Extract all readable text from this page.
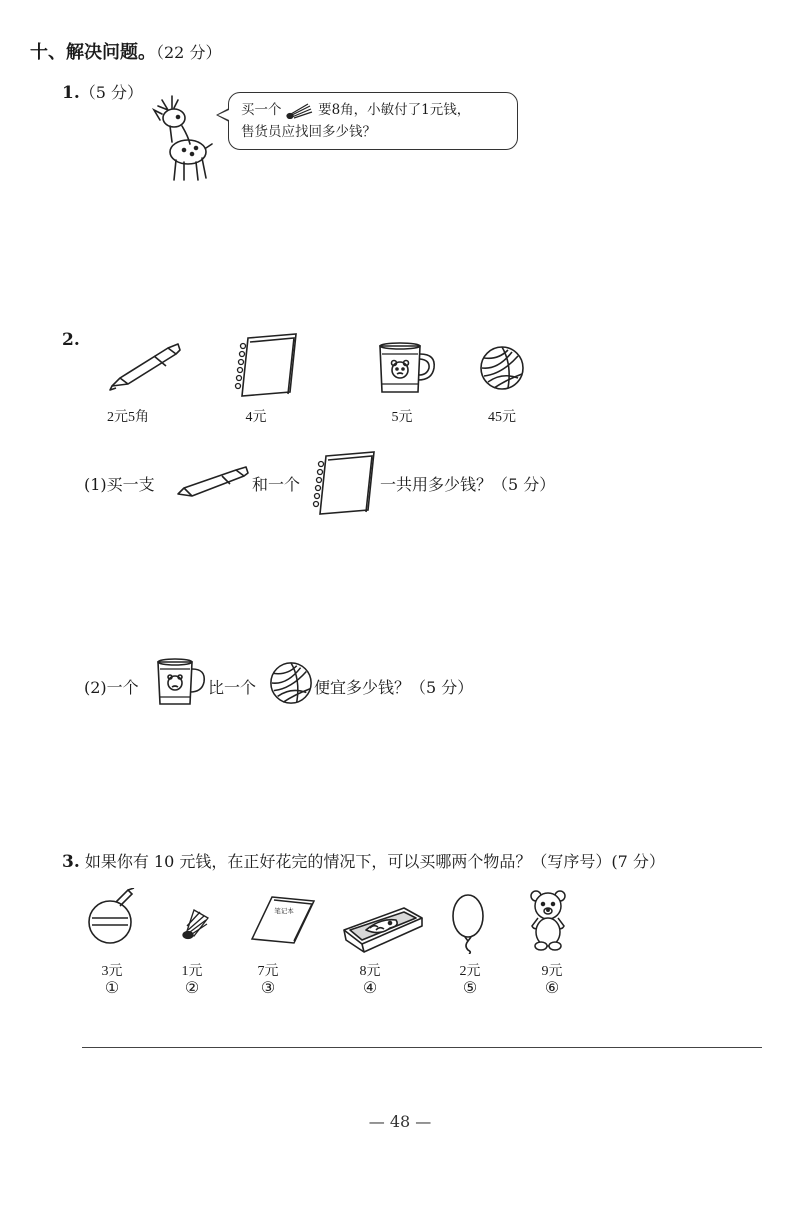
十、解决问题。（22 分）
1.（5 分）
买一个	要8角，小敏付了1元钱，
售货员应找回多少钱？
2.
2元5角	4元	5元	45元
(1)买一支	和一个	一共用多少钱？（5 分）
(2)一个	比一个	便宜多少钱？（5 分）
3. 如果你有 10 元钱，在正好花完的情况下，可以买哪两个物品？（写序号）(7 分）
3元
①
1元
②
笔记本
7元
③
8元
④
2元
⑤
9元
⑥
— 48 —
